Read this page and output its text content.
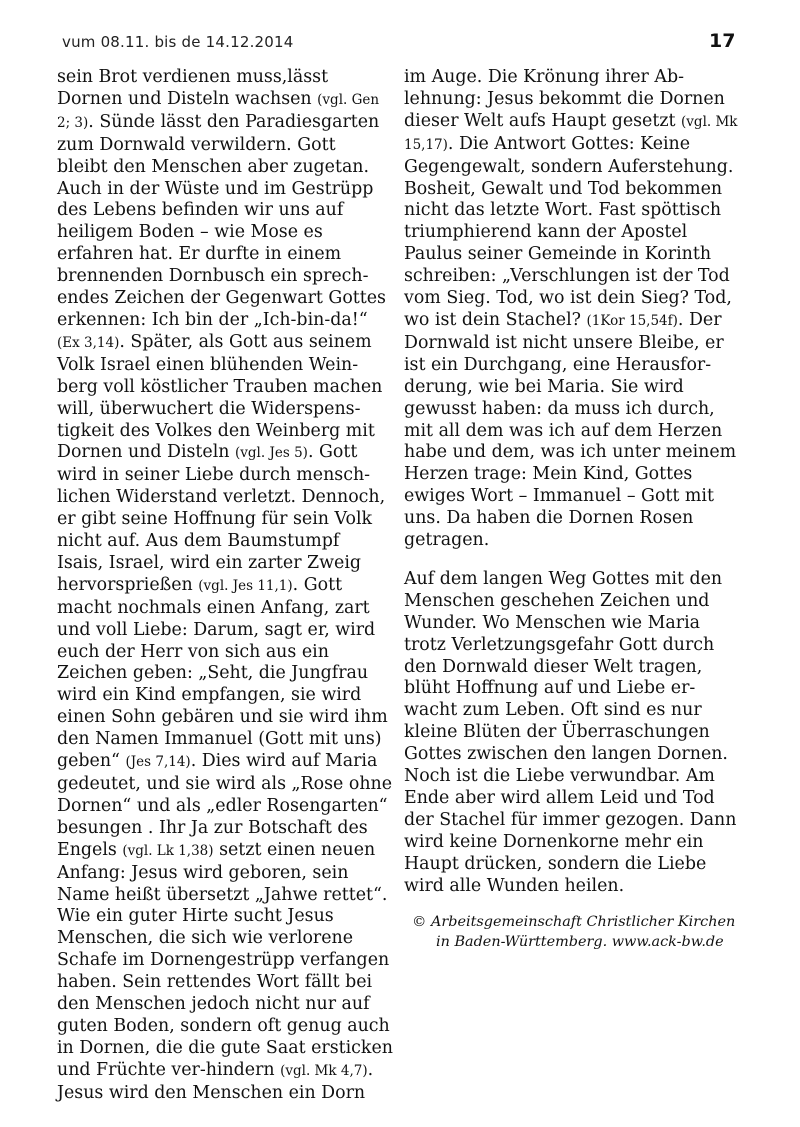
vum 08.11. bis de 14.12.2014	17
sein Brot verdienen muss,lässt
Dornen und Disteln wachsen (vgl. Gen
2; 3). Sünde lässt den Paradiesgarten
zum Dornwald verwildern. Gott
bleibt den Menschen aber zugetan.
Auch in der Wüste und im Gestrüpp
des Lebens befinden wir uns auf
heiligem Boden – wie Mose es
erfahren hat. Er durfte in einem
brennenden Dornbusch ein sprech-
endes Zeichen der Gegenwart Gottes
erkennen: Ich bin der „Ich-bin-da!“
(Ex 3,14). Später, als Gott aus seinem
Volk Israel einen blühenden Wein-
berg voll köstlicher Trauben machen
will, überwuchert die Widerspens-
tigkeit des Volkes den Weinberg mit
Dornen und Disteln (vgl. Jes 5). Gott
wird in seiner Liebe durch mensch-
lichen Widerstand verletzt. Dennoch,
er gibt seine Hoffnung für sein Volk
nicht auf. Aus dem Baumstumpf
Isais, Israel, wird ein zarter Zweig
hervorsprießen (vgl. Jes 11,1). Gott
macht nochmals einen Anfang, zart
und voll Liebe: Darum, sagt er, wird
euch der Herr von sich aus ein
Zeichen geben: „Seht, die Jungfrau
wird ein Kind empfangen, sie wird
einen Sohn gebären und sie wird ihm
den Namen Immanuel (Gott mit uns)
geben“ (Jes 7,14). Dies wird auf Maria
gedeutet, und sie wird als „Rose ohne
Dornen“ und als „edler Rosengarten“
besungen . Ihr Ja zur Botschaft des
Engels (vgl. Lk 1,38) setzt einen neuen
Anfang: Jesus wird geboren, sein
Name heißt übersetzt „Jahwe rettet“.
Wie ein guter Hirte sucht Jesus
Menschen, die sich wie verlorene
Schafe im Dornengestrüpp verfangen
haben. Sein rettendes Wort fällt bei
den Menschen jedoch nicht nur auf
guten Boden, sondern oft genug auch
in Dornen, die die gute Saat ersticken
und Früchte ver-hindern (vgl. Mk 4,7).
Jesus wird den Menschen ein Dorn
im Auge. Die Krönung ihrer Ab-
lehnung: Jesus bekommt die Dornen
dieser Welt aufs Haupt gesetzt (vgl. Mk
15,17). Die Antwort Gottes: Keine
Gegengewalt, sondern Auferstehung.
Bosheit, Gewalt und Tod bekommen
nicht das letzte Wort. Fast spöttisch
triumphierend kann der Apostel
Paulus seiner Gemeinde in Korinth
schreiben: „Verschlungen ist der Tod
vom Sieg. Tod, wo ist dein Sieg? Tod,
wo ist dein Stachel? (1Kor 15,54f). Der
Dornwald ist nicht unsere Bleibe, er
ist ein Durchgang, eine Herausfor-
derung, wie bei Maria. Sie wird
gewusst haben: da muss ich durch,
mit all dem was ich auf dem Herzen
habe und dem, was ich unter meinem
Herzen trage: Mein Kind, Gottes
ewiges Wort – Immanuel – Gott mit
uns. Da haben die Dornen Rosen
getragen.
Auf dem langen Weg Gottes mit den
Menschen geschehen Zeichen und
Wunder. Wo Menschen wie Maria
trotz Verletzungsgefahr Gott durch
den Dornwald dieser Welt tragen,
blüht Hoffnung auf und Liebe er-
wacht zum Leben. Oft sind es nur
kleine Blüten der Überraschungen
Gottes zwischen den langen Dornen.
Noch ist die Liebe verwundbar. Am
Ende aber wird allem Leid und Tod
der Stachel für immer gezogen. Dann
wird keine Dornenkorne mehr ein
Haupt drücken, sondern die Liebe
wird alle Wunden heilen.
© Arbeitsgemeinschaft Christlicher Kirchen
in Baden-Württemberg. www.ack-bw.de
